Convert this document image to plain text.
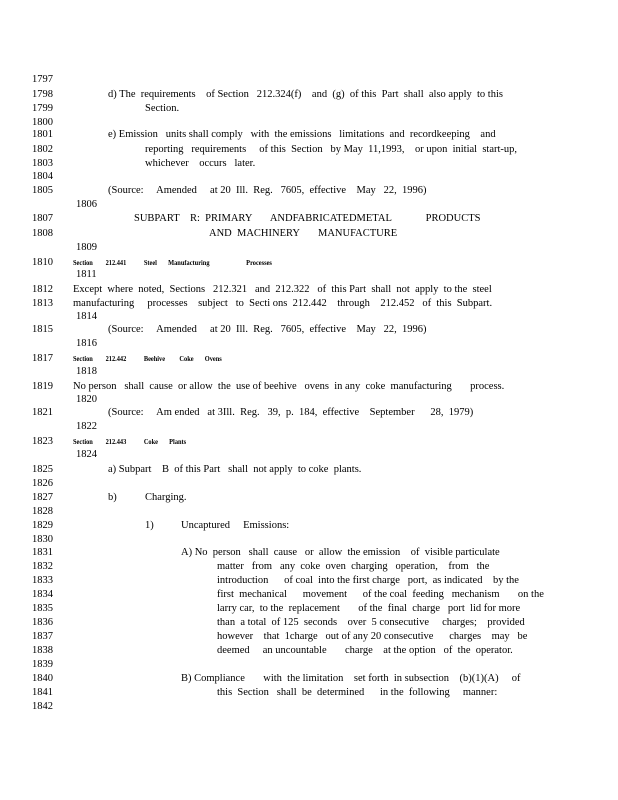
1797
1798	d) The  requirements    of Section   212.324(f)    and  (g)  of this  Part  shall  also apply  to this
1799	Section.
1800
1801	e) Emission   units shall comply   with  the emissions   limitations  and  recordkeeping    and
1802	reporting   requirements     of this  Section   by May  11,1993,    or upon  initial  start-up,
1803	whichever    occurs   later.
1804
1805	(Source:     Amended     at 20  Ill.  Reg.   7605,  effective    May   22,  1996)
1806
1807	SUBPART    R:  PRIMARY       ANDFABRICATEDMETAL             PRODUCTS
1808	AND  MACHINERY       MANUFACTURE
1809
1810	Section        212.441           Steel       Manufacturing                       Processes
1811
1812	Except  where  noted,  Sections   212.321   and  212.322   of  this Part  shall  not  apply  to the  steel
1813	manufacturing     processes    subject   to  Secti ons  212.442    through    212.452   of  this  Subpart.
1814
1815	(Source:     Amended     at 20  Ill.  Reg.   7605,  effective    May   22,  1996)
1816
1817	Section        212.442           Beehive         Coke       Ovens
1818
1819	No person   shall  cause  or allow  the  use of beehive   ovens  in any  coke  manufacturing       process.
1820
1821	(Source:     Am ended   at 3Ill.  Reg.   39,  p.  184,  effective    September      28,  1979)
1822
1823	Section        212.443           Coke       Plants
1824
1825	a) Subpart    B  of this Part   shall  not apply  to coke  plants.
1826
1827	b)	Charging.
1828
1829	1)	Uncaptured     Emissions:
1830
1831	A) No  person   shall  cause   or  allow  the emission    of  visible particulate
1832	matter   from   any  coke  oven  charging   operation,    from   the
1833	introduction      of coal  into the first charge   port,  as indicated    by the
1834	first  mechanical      movement      of the coal  feeding   mechanism       on the
1835	larry car,  to the  replacement       of the  final  charge   port  lid for more
1836	than  a total  of 125  seconds    over  5 consecutive     charges;    provided
1837	however    that  1charge   out of any 20 consecutive      charges    may   be
1838	deemed     an uncountable       charge    at the option   of  the  operator.
1839
1840	B) Compliance       with  the limitation    set forth  in subsection    (b)(1)(A)     of
1841	this  Section   shall  be  determined      in the  following     manner:
1842
